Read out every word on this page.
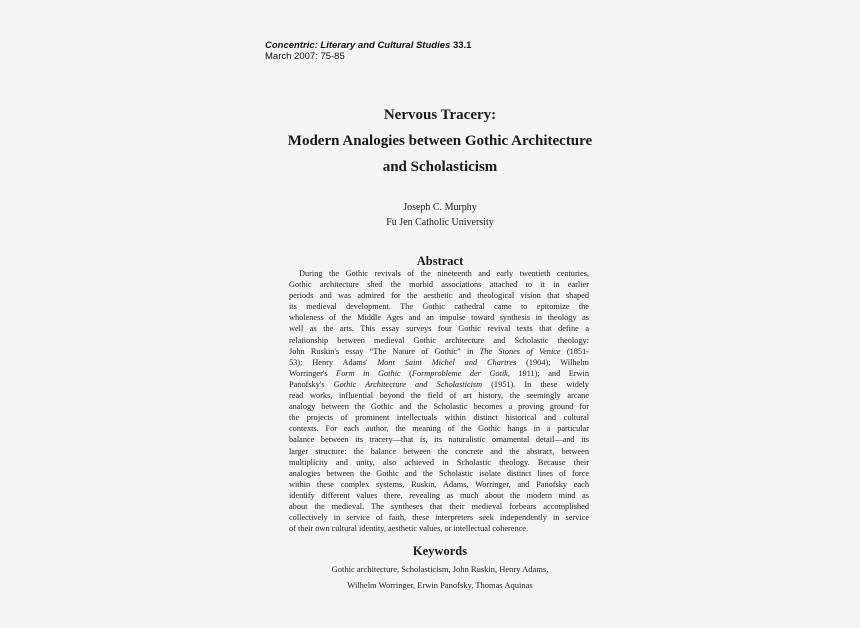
Concentric: Literary and Cultural Studies 33.1
March 2007: 75-85
Nervous Tracery:
Modern Analogies between Gothic Architecture
and Scholasticism
Joseph C. Murphy
Fu Jen Catholic University
Abstract
During the Gothic revivals of the nineteenth and early twentieth centuries,
Gothic architecture shed the morbid associations attached to it in earlier
periods and was admired for the aesthetic and theological vision that shaped
its medieval development. The Gothic cathedral came to epitomize the
wholeness of the Middle Ages and an impulse toward synthesis in theology as
well as the arts. This essay surveys four Gothic revival texts that define a
relationship between medieval Gothic architecture and Scholastic theology:
John Ruskin's essay “The Nature of Gothic” in The Stones of Venice (1851-
53); Henry Adams' Mont Saint Michel and Chartres (1904); Wilhelm
Worringer's Form in Gothic (Formprobleme der Gotik, 1911); and Erwin
Panofsky's Gothic Architecture and Scholasticism (1951). In these widely
read works, influential beyond the field of art history, the seemingly arcane
analogy between the Gothic and the Scholastic becomes a proving ground for
the projects of prominent intellectuals within distinct historical and cultural
contexts. For each author, the meaning of the Gothic hangs in a particular
balance between its tracery—that is, its naturalistic ornamental detail—and its
larger structure: the balance between the concrete and the abstract, between
multiplicity and unity, also achieved in Scholastic theology. Because their
analogies between the Gothic and the Scholastic isolate distinct lines of force
within these complex systems, Ruskin, Adams, Worringer, and Panofsky each
identify different values there, revealing as much about the modern mind as
about the medieval. The syntheses that their medieval forbears accomplished
collectively in service of faith, these interpreters seek independently in service
of their own cultural identity, aesthetic values, or intellectual coherence.
Keywords
Gothic architecture, Scholasticism, John Ruskin, Henry Adams,
Wilhelm Worringer, Erwin Panofsky, Thomas Aquinas
